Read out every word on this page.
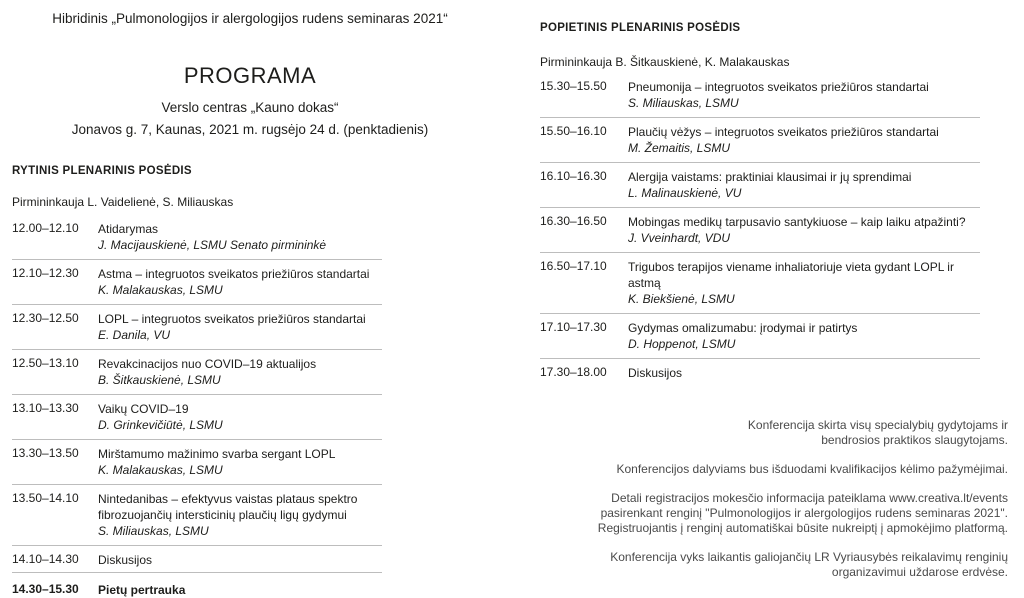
Hibridinis „Pulmonologijos ir alergologijos rudens seminaras 2021“
PROGRAMA
Verslo centras „Kauno dokas“
Jonavos g. 7, Kaunas, 2021 m. rugsėjo 24 d. (penktadienis)
RYTINIS PLENARINIS POSĖDIS
Pirmininkauja L. Vaidelienė, S. Miliauskas
12.00–12.10 Atidarymas
J. Macijauskienė, LSMU Senato pirmininkė
12.10–12.30 Astma – integruotos sveikatos priežiūros standartai
K. Malakauskas, LSMU
12.30–12.50 LOPL – integruotos sveikatos priežiūros standartai
E. Danila, VU
12.50–13.10 Revakcinacijos nuo COVID–19 aktualijos
B. Šitkauskienė, LSMU
13.10–13.30 Vaikų COVID–19
D. Grinkevičiūtė, LSMU
13.30–13.50 Mirštamumo mažinimo svarba sergant LOPL
K. Malakauskas, LSMU
13.50–14.10 Nintedanibas – efektyvus vaistas plataus spektro
fibrozuojančių intersticinių plaučių ligų gydymui
S. Miliauskas, LSMU
14.10–14.30 Diskusijos
14.30–15.30 Pietų pertrauka
POPIETINIS PLENARINIS POSĖDIS
Pirmininkauja B. Šitkauskienė, K. Malakauskas
15.30–15.50 Pneumonija – integruotos sveikatos priežiūros standartai
S. Miliauskas, LSMU
15.50–16.10 Plaučių vėžys – integruotos sveikatos priežiūros standartai
M. Žemaitis, LSMU
16.10–16.30 Alergija vaistams: praktiniai klausimai ir jų sprendimai
L. Malinauskienė, VU
16.30–16.50 Mobingas medikų tarpusavio santykiuose – kaip laiku atpažinti?
J. Vveinhardt, VDU
16.50–17.10 Trigubos terapijos viename inhaliatoriuje vieta gydant LOPL ir astmą
K. Biekšienė, LSMU
17.10–17.30 Gydymas omalizumabu: įrodymai ir patirtys
D. Hoppenot, LSMU
17.30–18.00 Diskusijos

Konferencija skirta visų specialybių gydytojams ir
bendrosios praktikos slaugytojams.

Konferencijos dalyviams bus išduodami kvalifikacijos kėlimo pažymėjimai.

Detali registracijos mokesčio informacija pateiklama www.creativa.lt/events
pasirenkant renginį "Pulmonologijos ir alergologijos rudens seminaras 2021".
Registruojantis į renginį automatiškai būsite nukreiptį į apmokėjimo platformą.

Konferencija vyks laikantis galiojančių LR Vyriausybės reikalavimų renginių
organizavimui uždarose erdvėse.
